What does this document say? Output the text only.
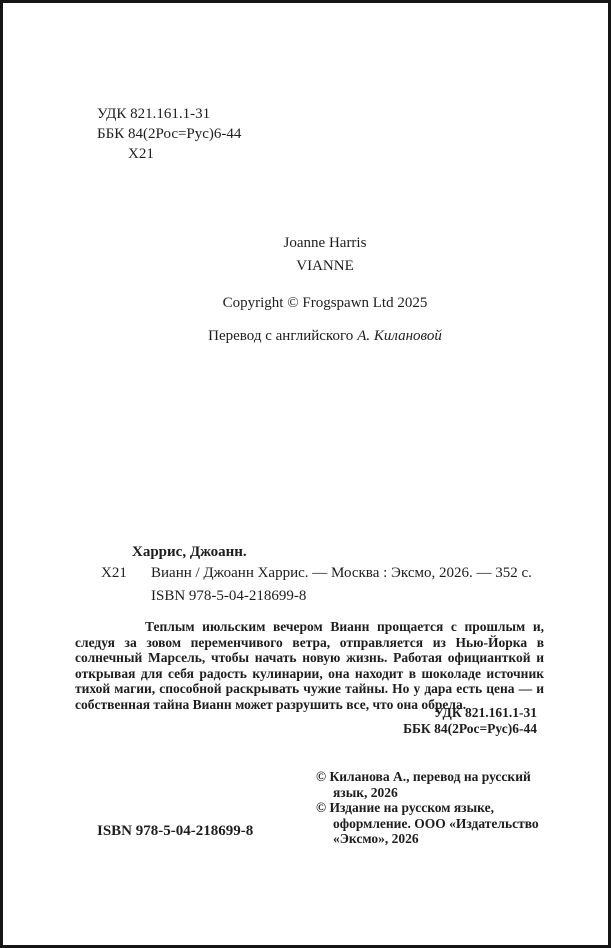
УДК 821.161.1-31
ББК 84(2Рос=Рус)6-44
Х21
Joanne Harris
VIANNE
Copyright © Frogspawn Ltd 2025
Перевод с английского А. Килановой
Харрис, Джоанн.
Х21 Вианн / Джоанн Харрис. — Москва : Эксмо, 2026. — 352 с.
ISBN 978-5-04-218699-8
Теплым июльским вечером Вианн прощается с прошлым и, следуя за зовом переменчивого ветра, отправляется из Нью-Йорка в солнечный Марсель, чтобы начать новую жизнь. Работая официанткой и открывая для себя радость кулинарии, она находит в шоколаде источник тихой магии, способной раскрывать чужие тайны. Но у дара есть цена — и собственная тайна Вианн может разрушить все, что она обрела.
УДК 821.161.1-31
ББК 84(2Рос=Рус)6-44
© Киланова А., перевод на русский язык, 2026
© Издание на русском языке, оформление. ООО «Издательство «Эксмо», 2026
ISBN 978-5-04-218699-8
